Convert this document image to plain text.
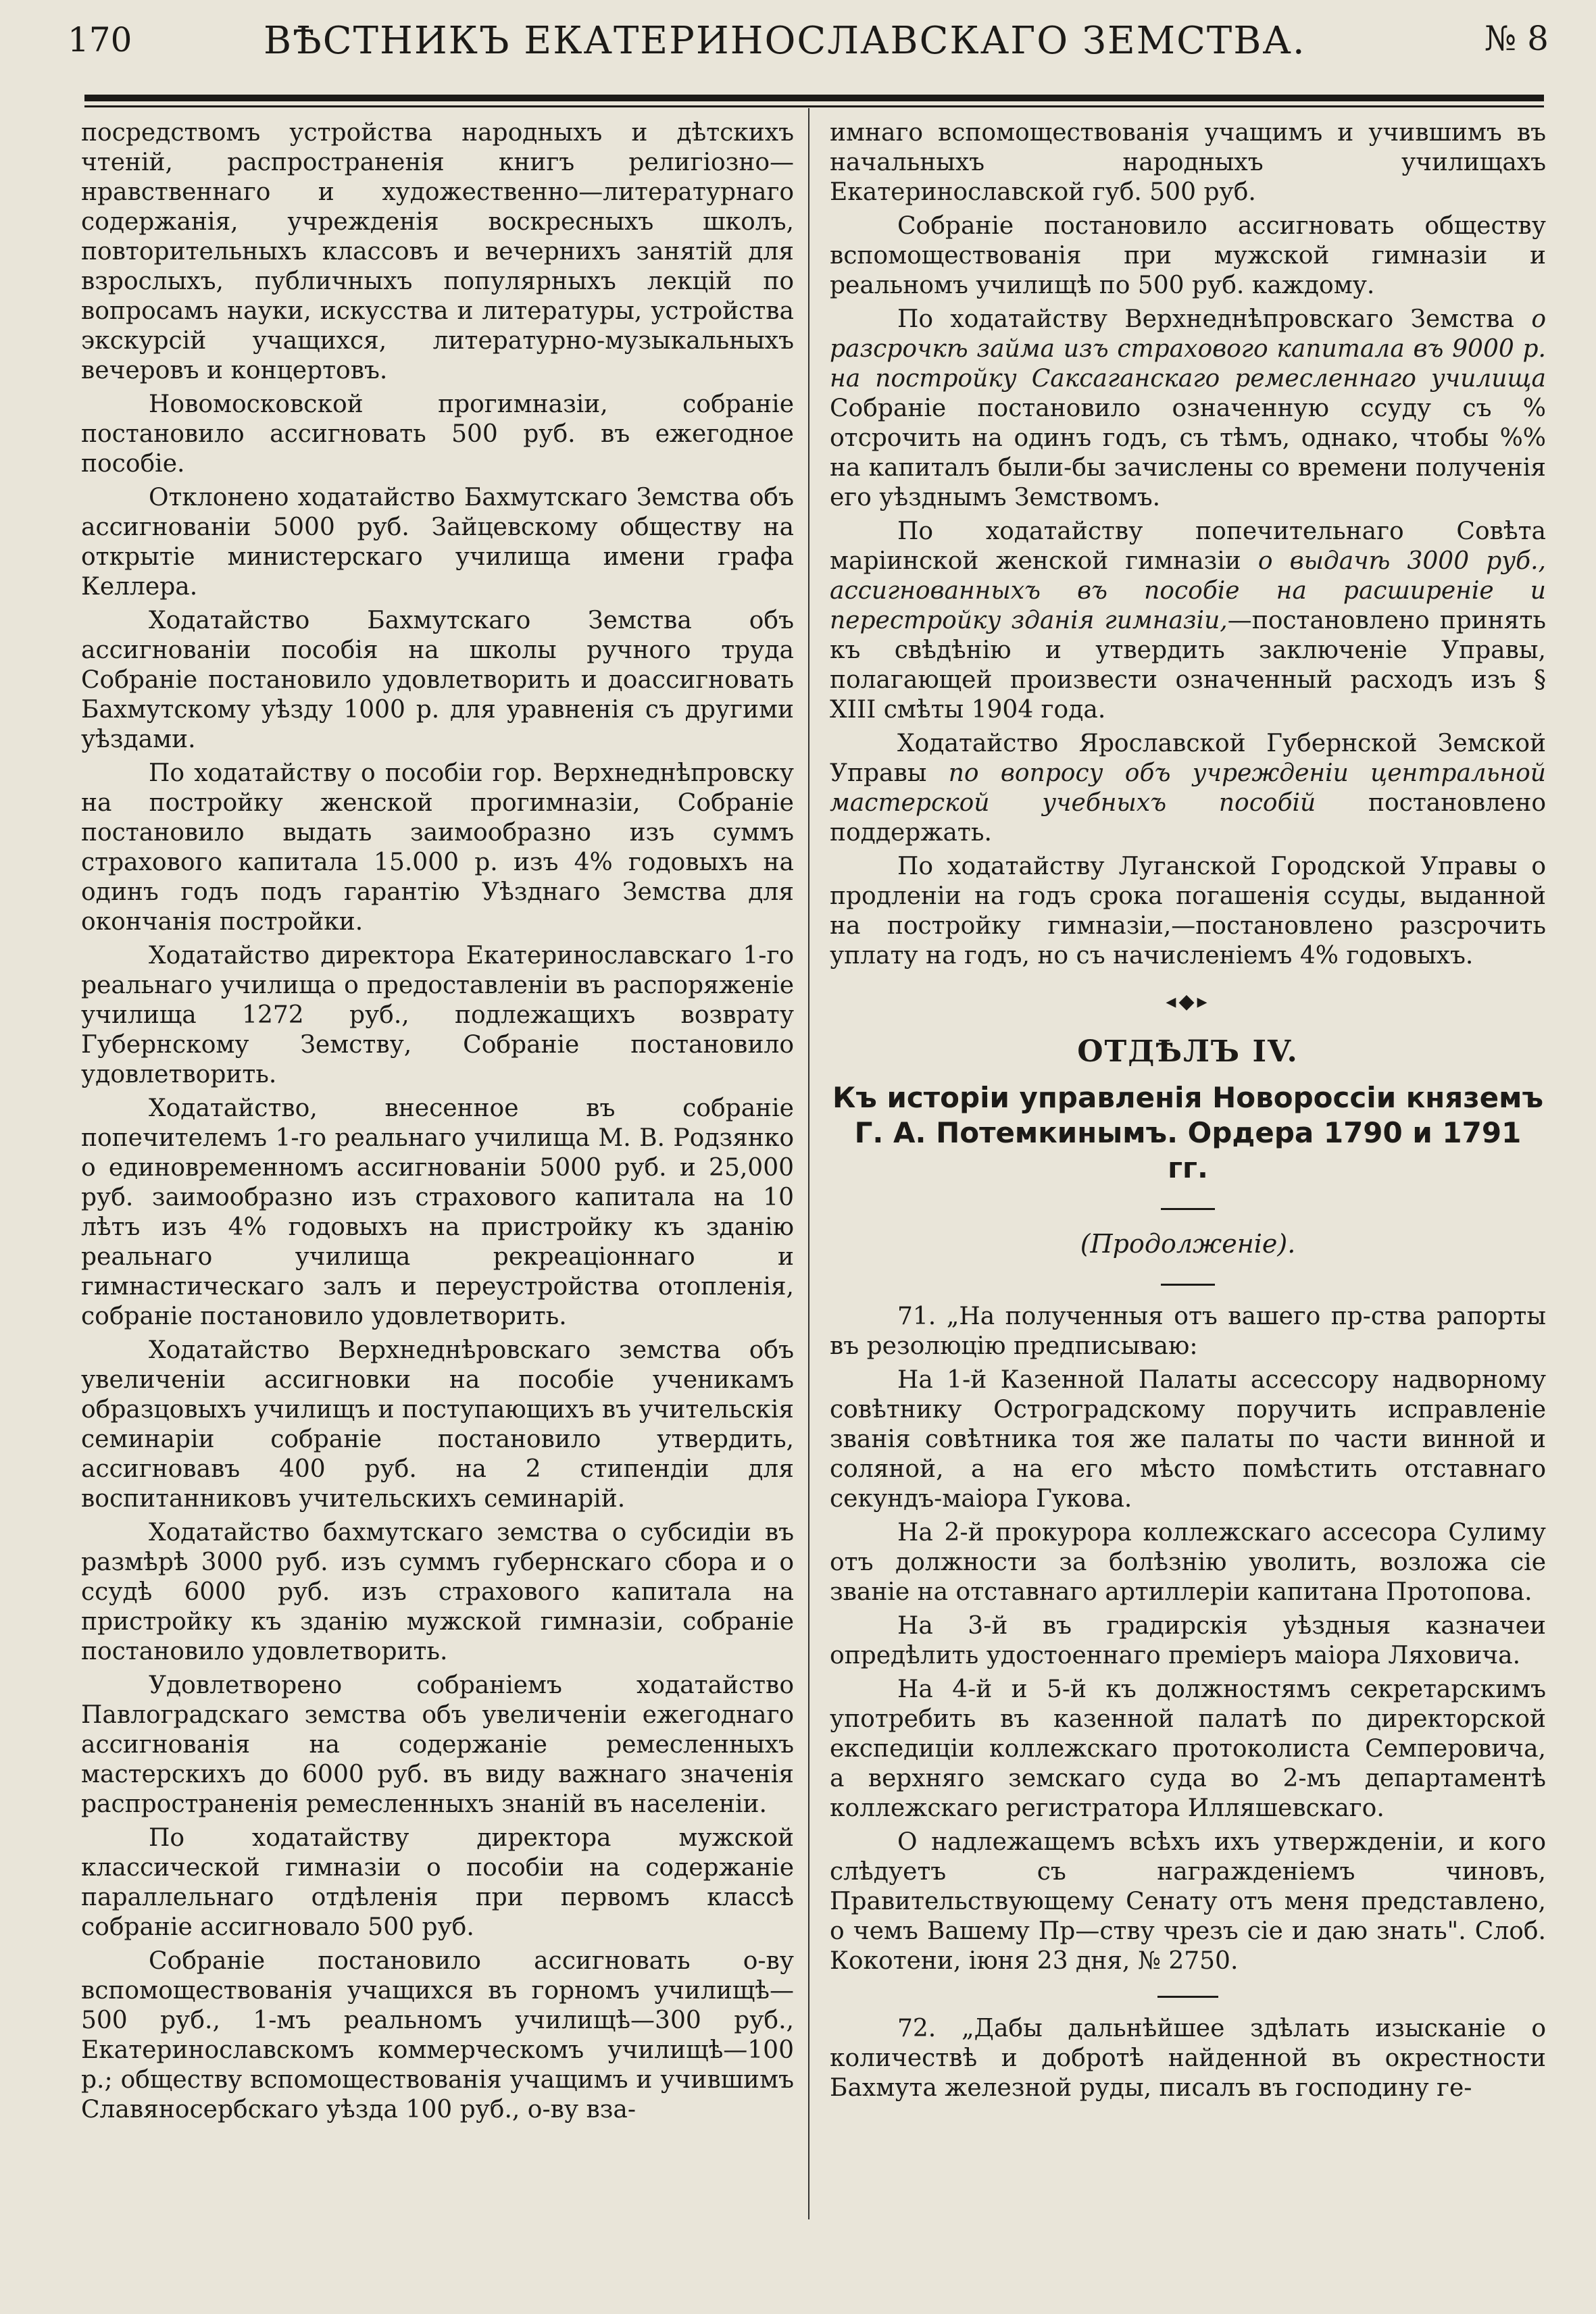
170	ВѢСТНИКЪ ЕКАТЕРИНОСЛАВСКАГО ЗЕМСТВА.	№ 8

посредствомъ устройства народныхъ и дѣтскихъ чтеній, распространенія книгъ религіозно—нравственнаго и художественно—литературнаго содержанія, учрежденія воскресныхъ школъ, повторительныхъ классовъ и вечернихъ занятій для взрослыхъ, публичныхъ популярныхъ лекцій по вопросамъ науки, искусства и литературы, устройства экскурсій учащихся, литературно-музыкальныхъ вечеровъ и концертовъ.

Новомосковской прогимназіи, собраніе постановило ассигновать 500 руб. въ ежегодное пособіе.

Отклонено ходатайство Бахмутскаго Земства объ ассигнованіи 5000 руб. Зайцевскому обществу на открытіе министерскаго училища имени графа Келлера.

Ходатайство Бахмутскаго Земства объ ассигнованіи пособія на школы ручного труда Собраніе постановило удовлетворить и доассигновать Бахмутскому уѣзду 1000 р. для уравненія съ другими уѣздами.

По ходатайству о пособіи гор. Верхнеднѣпровску на постройку женской прогимназіи, Собраніе постановило выдать заимообразно изъ суммъ страхового капитала 15.000 р. изъ 4% годовыхъ на одинъ годъ подъ гарантію Уѣзднаго Земства для окончанія постройки.

Ходатайство директора Екатеринославскаго 1-го реальнаго училища о предоставленіи въ распоряженіе училища 1272 руб., подлежащихъ возврату Губернскому Земству, Собраніе постановило удовлетворить.

Ходатайство, внесенное въ собраніе попечителемъ 1-го реальнаго училища М. В. Родзянко о единовременномъ ассигнованіи 5000 руб. и 25,000 руб. заимообразно изъ страхового капитала на 10 лѣтъ изъ 4% годовыхъ на пристройку къ зданію реальнаго училища рекреаціоннаго и гимнастическаго залъ и переустройства отопленія, собраніе постановило удовлетворить.

Ходатайство Верхнеднѣровскаго земства объ увеличеніи ассигновки на пособіе ученикамъ образцовыхъ училищъ и поступающихъ въ учительскія семинаріи собраніе постановило утвердить, ассигновавъ 400 руб. на 2 стипендіи для воспитанниковъ учительскихъ семинарій.

Ходатайство бахмутскаго земства о субсидіи въ размѣрѣ 3000 руб. изъ суммъ губернскаго сбора и о ссудѣ 6000 руб. изъ страхового капитала на пристройку къ зданію мужской гимназіи, собраніе постановило удовлетворить.

Удовлетворено собраніемъ ходатайство Павлоградскаго земства объ увеличеніи ежегоднаго ассигнованія на содержаніе ремесленныхъ мастерскихъ до 6000 руб. въ виду важнаго значенія распространенія ремесленныхъ знаній въ населеніи.

По ходатайству директора мужской классической гимназіи о пособіи на содержаніе параллельнаго отдѣленія при первомъ классѣ собраніе ассигновало 500 руб.

Собраніе постановило ассигновать о-ву вспомоществованія учащихся въ горномъ училищѣ—500 руб., 1-мъ реальномъ училищѣ—300 руб., Екатеринославскомъ коммерческомъ училищѣ—100 р.; обществу вспомоществованія учащимъ и учившимъ Славяносербскаго уѣзда 100 руб., о-ву вза-

имнаго вспомоществованія учащимъ и учившимъ въ начальныхъ народныхъ училищахъ Екатеринославской губ. 500 руб.

Собраніе постановило ассигновать обществу вспомоществованія при мужской гимназіи и реальномъ училищѣ по 500 руб. каждому.

По ходатайству Верхнеднѣпровскаго Земства о разсрочкѣ займа изъ страхового капитала въ 9000 р. на постройку Саксаганскаго ремесленнаго училища Собраніе постановило означенную ссуду съ % отсрочить на одинъ годъ, съ тѣмъ, однако, чтобы %% на капиталъ были-бы зачислены со времени полученія его уѣзднымъ Земствомъ.

По ходатайству попечительнаго Совѣта маріинской женской гимназіи о выдачѣ 3000 руб., ассигнованныхъ въ пособіе на расширеніе и перестройку зданія гимназіи,—постановлено принять къ свѣдѣнію и утвердить заключеніе Управы, полагающей произвести означенный расходъ изъ § XIII смѣты 1904 года.

Ходатайство Ярославской Губернской Земской Управы по вопросу объ учрежденіи центральной мастерской учебныхъ пособій постановлено поддержать.

По ходатайству Луганской Городской Управы о продленіи на годъ срока погашенія ссуды, выданной на постройку гимназіи,—постановлено разсрочить уплату на годъ, но съ начисленіемъ 4% годовыхъ.

◂◆▸
ОТДѢЛЪ IV.
Къ исторіи управленія Новороссіи княземъ Г. А. Потемкинымъ. Ордера 1790 и 1791 гг.
(Продолженіе).

71. „На полученныя отъ вашего пр-ства рапорты въ резолюцію предписываю:

На 1-й Казенной Палаты ассессору надворному совѣтнику Остроградскому поручить исправленіе званія совѣтника тоя же палаты по части винной и соляной, а на его мѣсто помѣстить отставнаго секундъ-маіора Гукова.

На 2-й прокурора коллежскаго ассесора Сулиму отъ должности за болѣзнію уволить, возложа сіе званіе на отставнаго артиллеріи капитана Протопова.

На 3-й въ градирскія уѣздныя казначеи опредѣлить удостоеннаго премiеръ маіора Ляховича.

На 4-й и 5-й къ должностямъ секретарскимъ употребить въ казенной палатѣ по директорской експедиціи коллежскаго протоколиста Семперовича, а верхняго земскаго суда во 2-мъ департаментѣ коллежскаго регистратора Илляшевскаго.

О надлежащемъ всѣхъ ихъ утвержденіи, и кого слѣдуетъ съ награжденіемъ чиновъ, Правительствующему Сенату отъ меня представлено, о чемъ Вашему Пр—ству чрезъ сіе и даю знать". Слоб. Кокотени, іюня 23 дня, № 2750.

72. „Дабы дальнѣйшее здѣлать изысканіе о количествѣ и добротѣ найденной въ окрестности Бахмута железной руды, писалъ въ господину ге-
